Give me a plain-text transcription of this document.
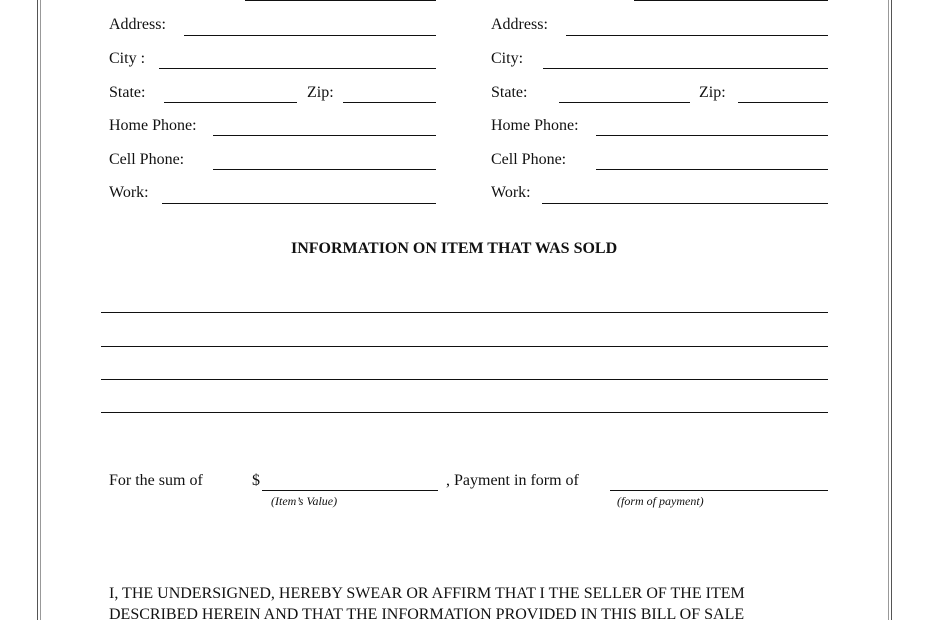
Address:
City :
State:	Zip:
Home Phone:
Cell Phone:
Work:
Address:
City:
State:	Zip:
Home Phone:
Cell Phone:
Work:
INFORMATION ON ITEM THAT WAS SOLD
For the sum of	$
(Item’s Value)
, Payment in form of
(form of payment)
I, THE UNDERSIGNED, HEREBY SWEAR OR AFFIRM THAT I THE SELLER OF THE ITEM
DESCRIBED HEREIN AND THAT THE INFORMATION PROVIDED IN THIS BILL OF SALE
